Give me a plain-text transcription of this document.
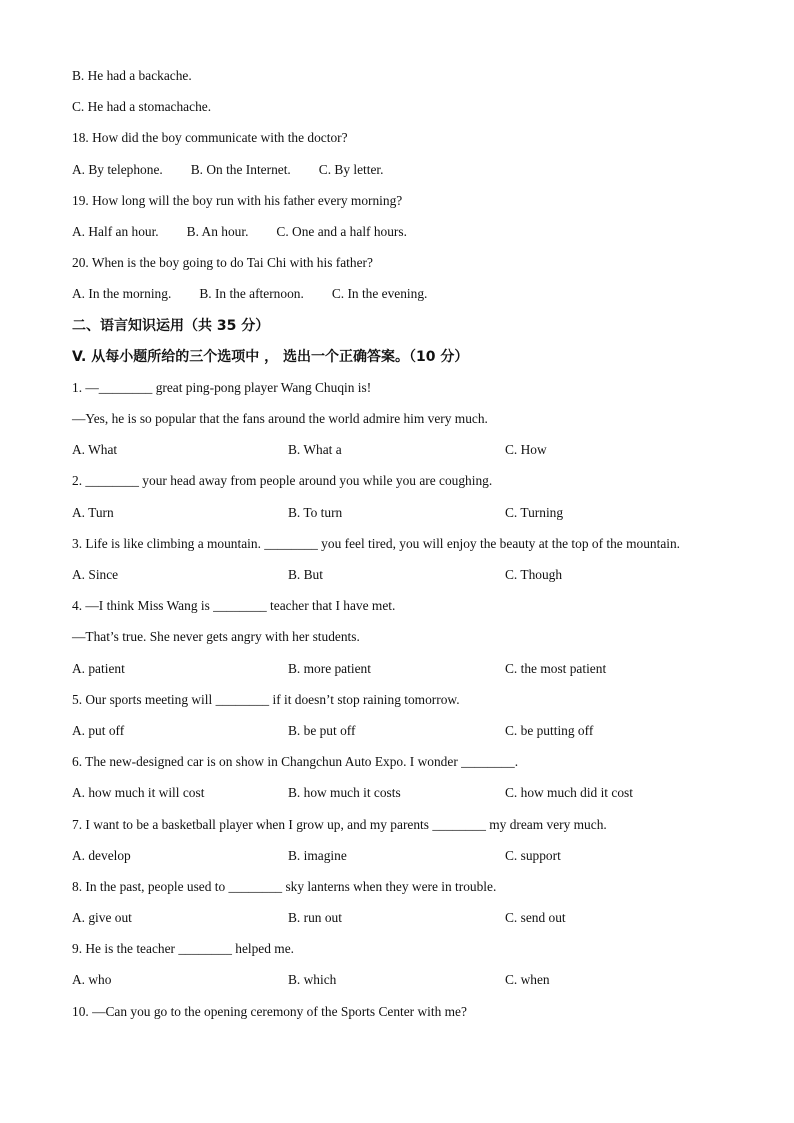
B. He had a backache.
C. He had a stomachache.
18. How did the boy communicate with the doctor?
A. By telephone. B. On the Internet. C. By letter.
19. How long will the boy run with his father every morning?
A. Half an hour. B. An hour. C. One and a half hours.
20. When is the boy going to do Tai Chi with his father?
A. In the morning. B. In the afternoon. C. In the evening.
二、语言知识运用（共 35 分）
V. 从每小题所给的三个选项中 ， 选出一个正确答案。（10 分）
1. —________ great ping-pong player Wang Chuqin is!
—Yes, he is so popular that the fans around the world admire him very much.
A. What	B. What a	C. How
2. ________ your head away from people around you while you are coughing.
A. Turn	B. To turn	C. Turning
3. Life is like climbing a mountain. ________ you feel tired, you will enjoy the beauty at the top of the mountain.
A. Since	B. But	C. Though
4. —I think Miss Wang is ________ teacher that I have met.
—That’s true. She never gets angry with her students.
A. patient	B. more patient	C. the most patient
5. Our sports meeting will ________ if it doesn’t stop raining tomorrow.
A. put off	B. be put off	C. be putting off
6. The new-designed car is on show in Changchun Auto Expo. I wonder ________.
A. how much it will cost	B. how much it costs	C. how much did it cost
7. I want to be a basketball player when I grow up, and my parents ________ my dream very much.
A. develop	B. imagine	C. support
8. In the past, people used to ________ sky lanterns when they were in trouble.
A. give out	B. run out	C. send out
9. He is the teacher ________ helped me.
A. who	B. which	C. when
10. —Can you go to the opening ceremony of the Sports Center with me?
